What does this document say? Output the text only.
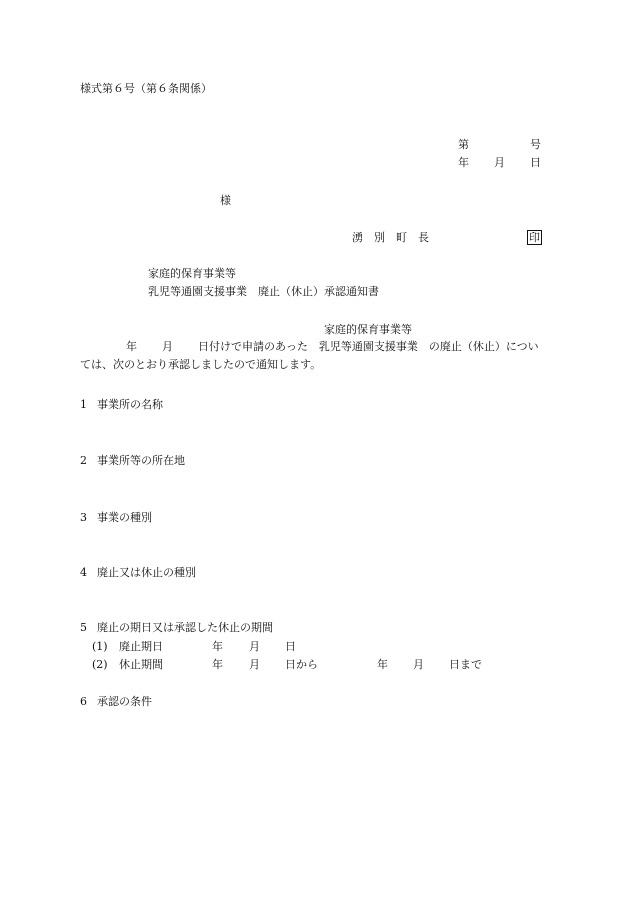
様式第６号（第６条関係）
第	号
年 月 日
様
湧　別　町　長	印
家庭的保育事業等
乳児等通園支援事業　廃止（休止）承認通知書
家庭的保育事業等
年 月 日付けで申請のあった　乳児等通園支援事業　の廃止（休止）につい
ては、次のとおり承認しましたので通知します。
1 事業所の名称
2 事業所等の所在地
3 事業の種別
4 廃止又は休止の種別
5 廃止の期日又は承認した休止の期間
(1) 廃止期日	年 月 日
(2) 休止期間	年 月 日から	年 月 日まで
6 承認の条件
